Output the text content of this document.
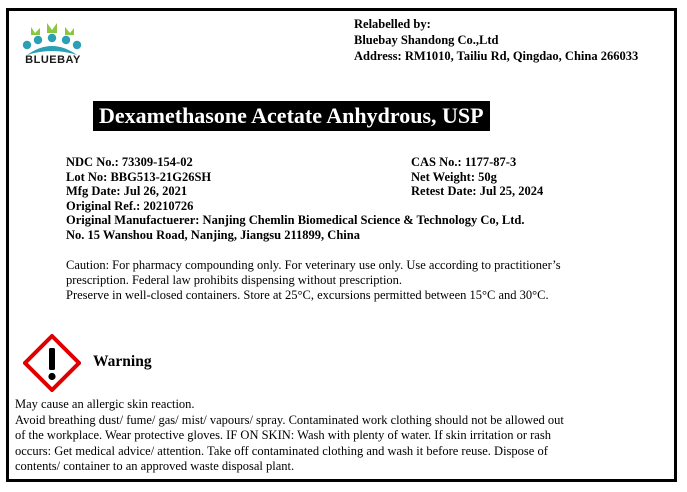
BLUEBAY
Relabelled by:
Bluebay Shandong Co.,Ltd
Address: RM1010, Tailiu Rd, Qingdao, China 266033
Dexamethasone Acetate Anhydrous, USP
NDC No.: 73309-154-02
Lot No: BBG513-21G26SH
Mfg Date: Jul 26, 2021
Original Ref.: 20210726
CAS No.: 1177-87-3
Net Weight: 50g
Retest Date: Jul 25, 2024
Original Manufactuerer: Nanjing Chemlin Biomedical Science & Technology Co, Ltd.
No. 15 Wanshou Road, Nanjing, Jiangsu 211899, China
Caution: For pharmacy compounding only. For veterinary use only. Use according to practitioner’s
prescription. Federal law prohibits dispensing without prescription.
Preserve in well-closed containers. Store at 25°C, excursions permitted between 15°C and 30°C.
Warning
May cause an allergic skin reaction.
Avoid breathing dust/ fume/ gas/ mist/ vapours/ spray. Contaminated work clothing should not be allowed out
of the workplace. Wear protective gloves. IF ON SKIN: Wash with plenty of water. If skin irritation or rash
occurs: Get medical advice/ attention. Take off contaminated clothing and wash it before reuse. Dispose of
contents/ container to an approved waste disposal plant.
